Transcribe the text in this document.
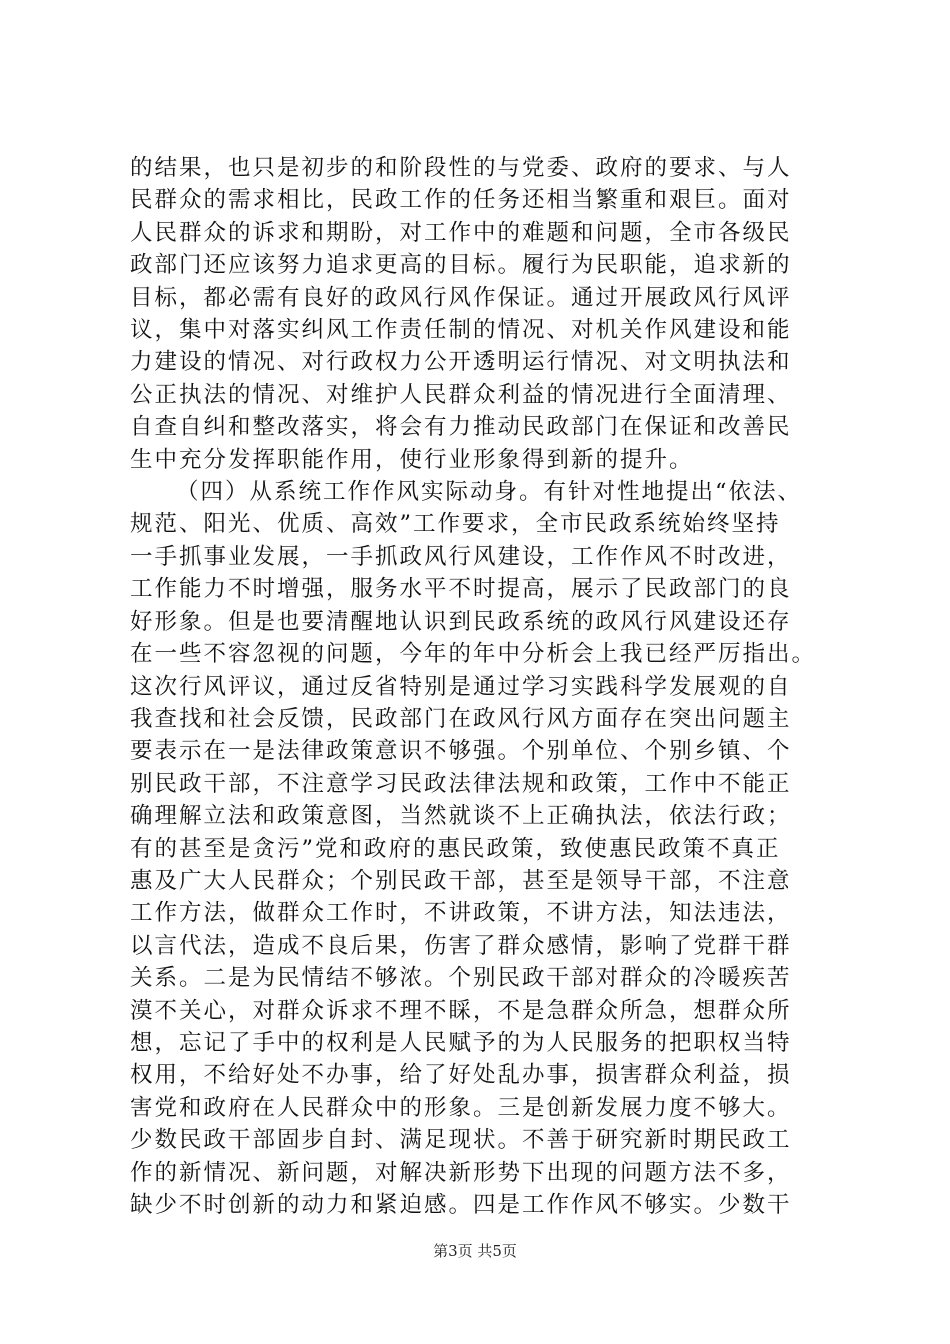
的结果，也只是初步的和阶段性的与党委、政府的要求、与人
民群众的需求相比，民政工作的任务还相当繁重和艰巨。面对
人民群众的诉求和期盼，对工作中的难题和问题，全市各级民
政部门还应该努力追求更高的目标。履行为民职能，追求新的
目标，都必需有良好的政风行风作保证。通过开展政风行风评
议，集中对落实纠风工作责任制的情况、对机关作风建设和能
力建设的情况、对行政权力公开透明运行情况、对文明执法和
公正执法的情况、对维护人民群众利益的情况进行全面清理、
自查自纠和整改落实，将会有力推动民政部门在保证和改善民
生中充分发挥职能作用，使行业形象得到新的提升。
（四）从系统工作作风实际动身。有针对性地提出“依法、
规范、阳光、优质、高效”工作要求，全市民政系统始终坚持
一手抓事业发展，一手抓政风行风建设，工作作风不时改进，
工作能力不时增强，服务水平不时提高，展示了民政部门的良
好形象。但是也要清醒地认识到民政系统的政风行风建设还存
在一些不容忽视的问题，今年的年中分析会上我已经严厉指出。
这次行风评议，通过反省特别是通过学习实践科学发展观的自
我查找和社会反馈，民政部门在政风行风方面存在突出问题主
要表示在一是法律政策意识不够强。个别单位、个别乡镇、个
别民政干部，不注意学习民政法律法规和政策，工作中不能正
确理解立法和政策意图，当然就谈不上正确执法，依法行政；
有的甚至是贪污”党和政府的惠民政策，致使惠民政策不真正
惠及广大人民群众；个别民政干部，甚至是领导干部，不注意
工作方法，做群众工作时，不讲政策，不讲方法，知法违法，
以言代法，造成不良后果，伤害了群众感情，影响了党群干群
关系。二是为民情结不够浓。个别民政干部对群众的冷暖疾苦
漠不关心，对群众诉求不理不睬，不是急群众所急，想群众所
想，忘记了手中的权利是人民赋予的为人民服务的把职权当特
权用，不给好处不办事，给了好处乱办事，损害群众利益，损
害党和政府在人民群众中的形象。三是创新发展力度不够大。
少数民政干部固步自封、满足现状。不善于研究新时期民政工
作的新情况、新问题，对解决新形势下出现的问题方法不多，
缺少不时创新的动力和紧迫感。四是工作作风不够实。少数干
第3页 共5页
